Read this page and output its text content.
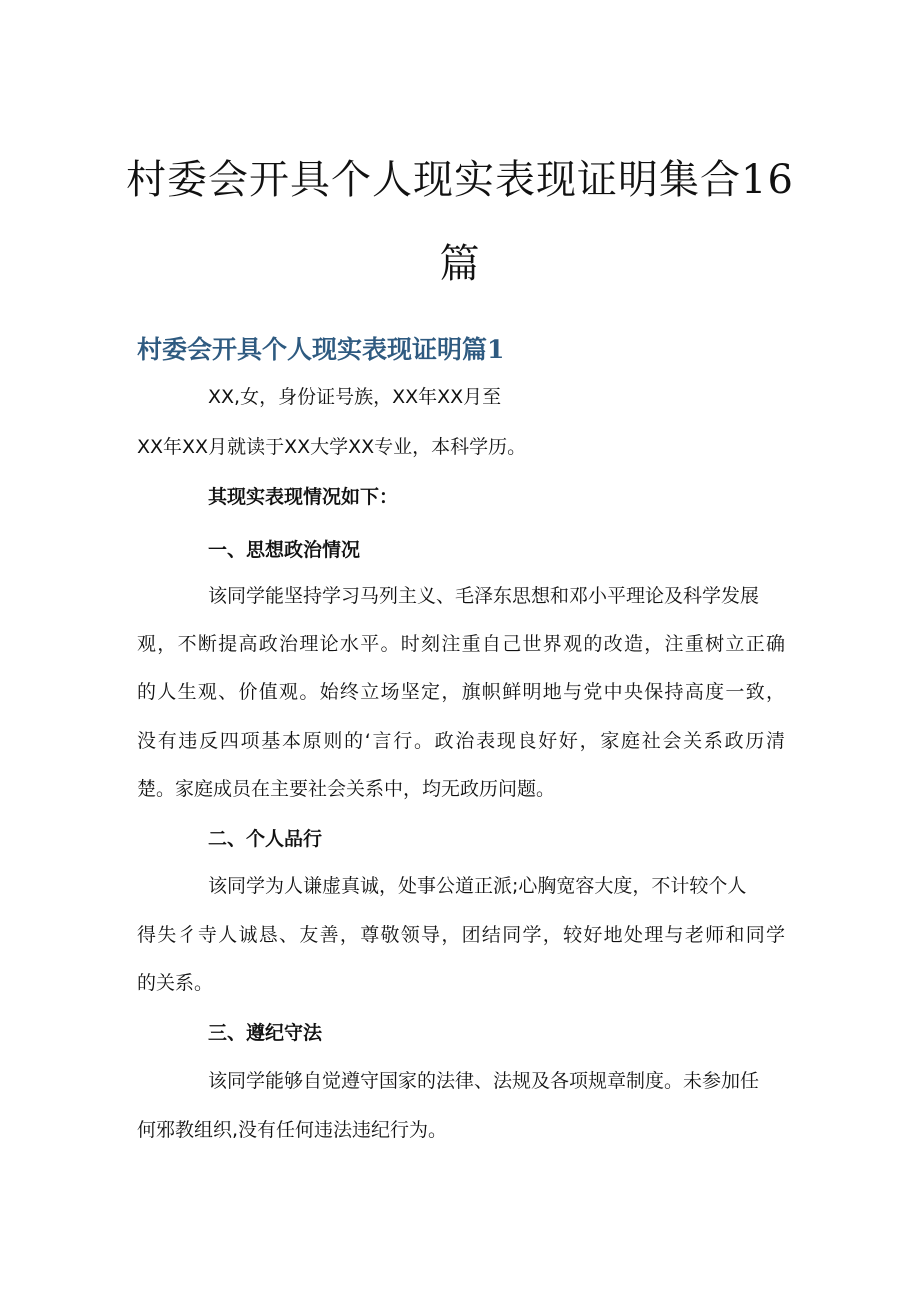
村委会开具个人现实表现证明集合16
篇
村委会开具个人现实表现证明篇1

XX,女，身份证号族，XX年XX月至

XX年XX月就读于XX大学XX专业，本科学历。

其现实表现情况如下：

一、思想政治情况

该同学能坚持学习马列主义、毛泽东思想和邓小平理论及科学发展

观，不断提高政治理论水平。时刻注重自己世界观的改造，注重树立正确

的人生观、价值观。始终立场坚定，旗帜鲜明地与党中央保持高度一致，

没有违反四项基本原则的‘言行。政治表现良好好，家庭社会关系政历清

楚。家庭成员在主要社会关系中，均无政历问题。

二、个人品行

该同学为人谦虚真诚，处事公道正派;心胸宽容大度，不计较个人

得失彳寺人诚恳、友善，尊敬领导，团结同学，较好地处理与老师和同学

的关系。

三、遵纪守法

该同学能够自觉遵守国家的法律、法规及各项规章制度。未参加任

何邪教组织,没有任何违法违纪行为。
